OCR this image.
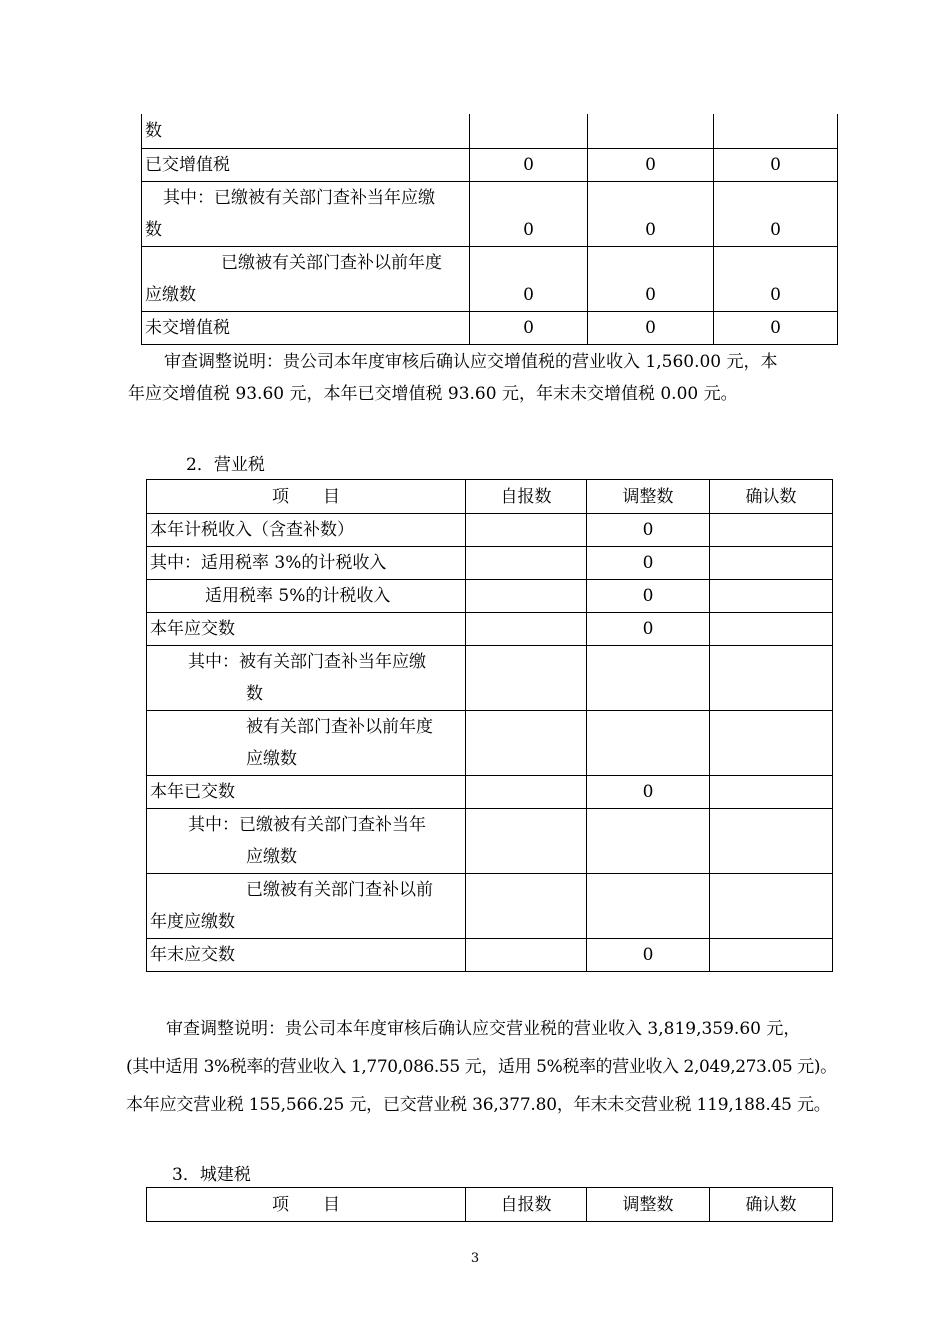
数			
已交增值税	0	0	0

其中：已缴被有关部门查补当年应缴
数	0	0	0

已缴被有关部门查补以前年度
应缴数	0	0	0
未交增值税	0	0	0
审查调整说明：贵公司本年度审核后确认应交增值税的营业收入 1,560.00 元，本
年应交增值税 93.60 元，本年已交增值税 93.60 元，年末未交增值税 0.00 元。
2．营业税
项　　目	自报数	调整数	确认数
本年计税收入（含查补数）		0	
其中：适用税率 3%的计税收入		0	
适用税率 5%的计税收入		0	
本年应交数		0	

其中：被有关部门查补当年应缴
数			

被有关部门查补以前年度
应缴数			

本年已交数		0	

其中：已缴被有关部门查补当年
应缴数			

已缴被有关部门查补以前
年度应缴数			

年末应交数		0	
审查调整说明：贵公司本年度审核后确认应交营业税的营业收入 3,819,359.60 元，
(其中适用 3%税率的营业收入 1,770,086.55 元，适用 5%税率的营业收入 2,049,273.05 元)。
本年应交营业税 155,566.25 元，已交营业税 36,377.80，年末未交营业税 119,188.45 元。
3．城建税
项　　目	自报数	调整数	确认数
3
